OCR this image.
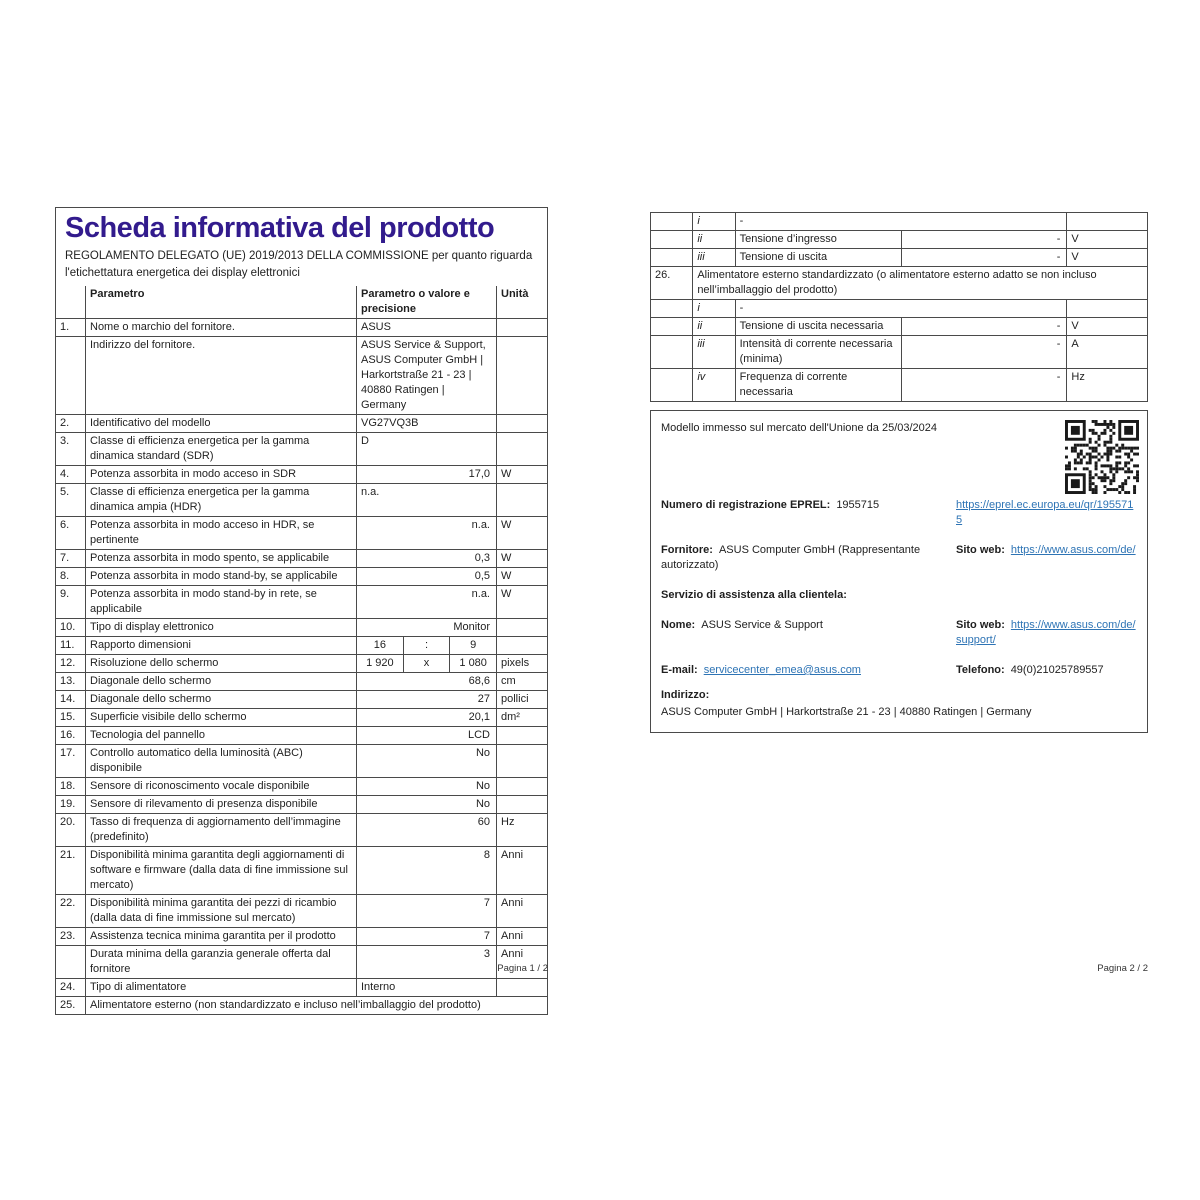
Scheda informativa del prodotto
REGOLAMENTO DELEGATO (UE) 2019/2013 DELLA COMMISSIONE per quanto riguarda l'etichettatura energetica dei display elettronici
	Parametro	Parametro o valore e precisione			Unità
1.	Nome o marchio del fornitore.	ASUS			
	Indirizzo del fornitore.	ASUS Service & Support, ASUS Computer GmbH | Harkortstraße 21 - 23 | 40880 Ratingen | Germany			
2.	Identificativo del modello	VG27VQ3B			
3.	Classe di efficienza energetica per la gamma dinamica standard (SDR)	D			
4.	Potenza assorbita in modo acceso in SDR	17,0			W
5.	Classe di efficienza energetica per la gamma dinamica ampia (HDR)	n.a.			
6.	Potenza assorbita in modo acceso in HDR, se pertinente	n.a.			W
7.	Potenza assorbita in modo spento, se applicabile	0,3			W
8.	Potenza assorbita in modo stand-by, se applicabile	0,5			W
9.	Potenza assorbita in modo stand-by in rete, se applicabile	n.a.			W
10.	Tipo di display elettronico	Monitor			
11.	Rapporto dimensioni	16	:	9	
12.	Risoluzione dello schermo	1 920	x	1 080	pixels
13.	Diagonale dello schermo	68,6			cm
14.	Diagonale dello schermo	27			pollici
15.	Superficie visibile dello schermo	20,1			dm²
16.	Tecnologia del pannello	LCD			
17.	Controllo automatico della luminosità (ABC) disponibile	No			
18.	Sensore di riconoscimento vocale disponibile	No			
19.	Sensore di rilevamento di presenza disponibile	No			
20.	Tasso di frequenza di aggiornamento dell’immagine (predefinito)	60			Hz
21.	Disponibilità minima garantita degli aggiornamenti di software e firmware (dalla data di fine immissione sul mercato)	8			Anni
22.	Disponibilità minima garantita dei pezzi di ricambio (dalla data di fine immissione sul mercato)	7			Anni
23.	Assistenza tecnica minima garantita per il prodotto	7			Anni
	Durata minima della garanzia generale offerta dal fornitore	3			Anni
24.	Tipo di alimentatore	Interno			
25.	Alimentatore esterno (non standardizzato e incluso nell’imballaggio del prodotto)				
Pagina 1 / 2
	i	-		
	ii	Tensione d’ingresso	-	V
	iii	Tensione di uscita	-	V
26.	Alimentatore esterno standardizzato (o alimentatore esterno adatto se non incluso nell’imballaggio del prodotto)			
	i	-		
	ii	Tensione di uscita necessaria	-	V
	iii	Intensità di corrente necessaria (minima)	-	A
	iv	Frequenza di corrente necessaria	-	Hz
Modello immesso sul mercato dell'Unione da 25/03/2024
Numero di registrazione EPREL: 1955715	https://eprel.ec.europa.eu/qr/1955715
Fornitore: ASUS Computer GmbH (Rappresentante autorizzato)
Sito web: https://www.asus.com/de/
Servizio di assistenza alla clientela:
Nome: ASUS Service & Support	Sito web: https://www.asus.com/de/support/
E-mail: servicecenter_emea@asus.com	Telefono: 49(0)21025789557
Indirizzo:
ASUS Computer GmbH | Harkortstraße 21 - 23 | 40880 Ratingen | Germany
Pagina 2 / 2
